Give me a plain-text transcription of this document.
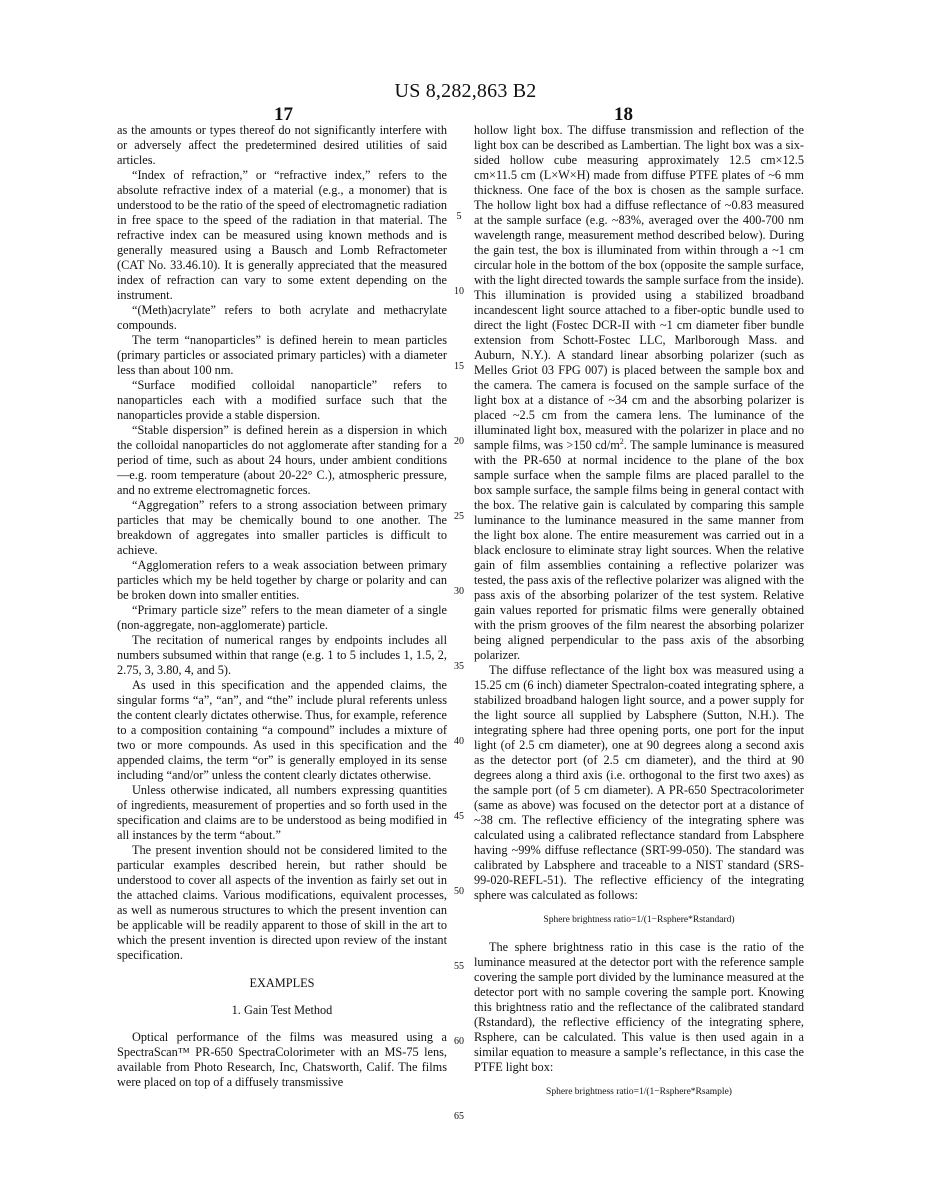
US 8,282,863 B2
17	18

as the amounts or types thereof do not significantly interfere with or adversely affect the predetermined desired utilities of said articles.

“Index of refraction,” or “refractive index,” refers to the absolute refractive index of a material (e.g., a monomer) that is understood to be the ratio of the speed of electromagnetic radiation in free space to the speed of the radiation in that material. The refractive index can be measured using known methods and is generally measured using a Bausch and Lomb Refractometer (CAT No. 33.46.10). It is generally appreciated that the measured index of refraction can vary to some extent depending on the instrument.

“(Meth)acrylate” refers to both acrylate and methacrylate compounds.

The term “nanoparticles” is defined herein to mean particles (primary particles or associated primary particles) with a diameter less than about 100 nm.

“Surface modified colloidal nanoparticle” refers to nanoparticles each with a modified surface such that the nanoparticles provide a stable dispersion.

“Stable dispersion” is defined herein as a dispersion in which the colloidal nanoparticles do not agglomerate after standing for a period of time, such as about 24 hours, under ambient conditions—e.g. room temperature (about 20-22° C.), atmospheric pressure, and no extreme electromagnetic forces.

“Aggregation” refers to a strong association between primary particles that may be chemically bound to one another. The breakdown of aggregates into smaller particles is difficult to achieve.

“Agglomeration refers to a weak association between primary particles which my be held together by charge or polarity and can be broken down into smaller entities.

“Primary particle size” refers to the mean diameter of a single (non-aggregate, non-agglomerate) particle.

The recitation of numerical ranges by endpoints includes all numbers subsumed within that range (e.g. 1 to 5 includes 1, 1.5, 2, 2.75, 3, 3.80, 4, and 5).

As used in this specification and the appended claims, the singular forms “a”, “an”, and “the” include plural referents unless the content clearly dictates otherwise. Thus, for example, reference to a composition containing “a compound” includes a mixture of two or more compounds. As used in this specification and the appended claims, the term “or” is generally employed in its sense including “and/or” unless the content clearly dictates otherwise.

Unless otherwise indicated, all numbers expressing quantities of ingredients, measurement of properties and so forth used in the specification and claims are to be understood as being modified in all instances by the term “about.”

The present invention should not be considered limited to the particular examples described herein, but rather should be understood to cover all aspects of the invention as fairly set out in the attached claims. Various modifications, equivalent processes, as well as numerous structures to which the present invention can be applicable will be readily apparent to those of skill in the art to which the present invention is directed upon review of the instant specification.

EXAMPLES

1. Gain Test Method

Optical performance of the films was measured using a SpectraScan™ PR-650 SpectraColorimeter with an MS-75 lens, available from Photo Research, Inc, Chatsworth, Calif. The films were placed on top of a diffusely transmissive

hollow light box. The diffuse transmission and reflection of the light box can be described as Lambertian. The light box was a six-sided hollow cube measuring approximately 12.5 cm×12.5 cm×11.5 cm (L×W×H) made from diffuse PTFE plates of ~6 mm thickness. One face of the box is chosen as the sample surface. The hollow light box had a diffuse reflectance of ~0.83 measured at the sample surface (e.g. ~83%, averaged over the 400-700 nm wavelength range, measurement method described below). During the gain test, the box is illuminated from within through a ~1 cm circular hole in the bottom of the box (opposite the sample surface, with the light directed towards the sample surface from the inside). This illumination is provided using a stabilized broadband incandescent light source attached to a fiber-optic bundle used to direct the light (Fostec DCR-II with ~1 cm diameter fiber bundle extension from Schott-Fostec LLC, Marlborough Mass. and Auburn, N.Y.). A standard linear absorbing polarizer (such as Melles Griot 03 FPG 007) is placed between the sample box and the camera. The camera is focused on the sample surface of the light box at a distance of ~34 cm and the absorbing polarizer is placed ~2.5 cm from the camera lens. The luminance of the illuminated light box, measured with the polarizer in place and no sample films, was >150 $cd/m^2$. The sample luminance is measured with the PR-650 at normal incidence to the plane of the box sample surface when the sample films are placed parallel to the box sample surface, the sample films being in general contact with the box. The relative gain is calculated by comparing this sample luminance to the luminance measured in the same manner from the light box alone. The entire measurement was carried out in a black enclosure to eliminate stray light sources. When the relative gain of film assemblies containing a reflective polarizer was tested, the pass axis of the reflective polarizer was aligned with the pass axis of the absorbing polarizer of the test system. Relative gain values reported for prismatic films were generally obtained with the prism grooves of the film nearest the absorbing polarizer being aligned perpendicular to the pass axis of the absorbing polarizer.

The diffuse reflectance of the light box was measured using a 15.25 cm (6 inch) diameter Spectralon-coated integrating sphere, a stabilized broadband halogen light source, and a power supply for the light source all supplied by Labsphere (Sutton, N.H.). The integrating sphere had three opening ports, one port for the input light (of 2.5 cm diameter), one at 90 degrees along a second axis as the detector port (of 2.5 cm diameter), and the third at 90 degrees along a third axis (i.e. orthogonal to the first two axes) as the sample port (of 5 cm diameter). A PR-650 Spectracolorimeter (same as above) was focused on the detector port at a distance of ~38 cm. The reflective efficiency of the integrating sphere was calculated using a calibrated reflectance standard from Labsphere having ~99% diffuse reflectance (SRT-99-050). The standard was calibrated by Labsphere and traceable to a NIST standard (SRS-99-020-REFL-51). The reflective efficiency of the integrating sphere was calculated as follows:

Sphere brightness ratio=1/(1−Rsphere*Rstandard)

The sphere brightness ratio in this case is the ratio of the luminance measured at the detector port with the reference sample covering the sample port divided by the luminance measured at the detector port with no sample covering the sample port. Knowing this brightness ratio and the reflectance of the calibrated standard (Rstandard), the reflective efficiency of the integrating sphere, Rsphere, can be calculated. This value is then used again in a similar equation to measure a sample’s reflectance, in this case the PTFE light box:

Sphere brightness ratio=1/(1−Rsphere*Rsample)

5
10
15
20
25
30
35
40
45
50
55
60
65
